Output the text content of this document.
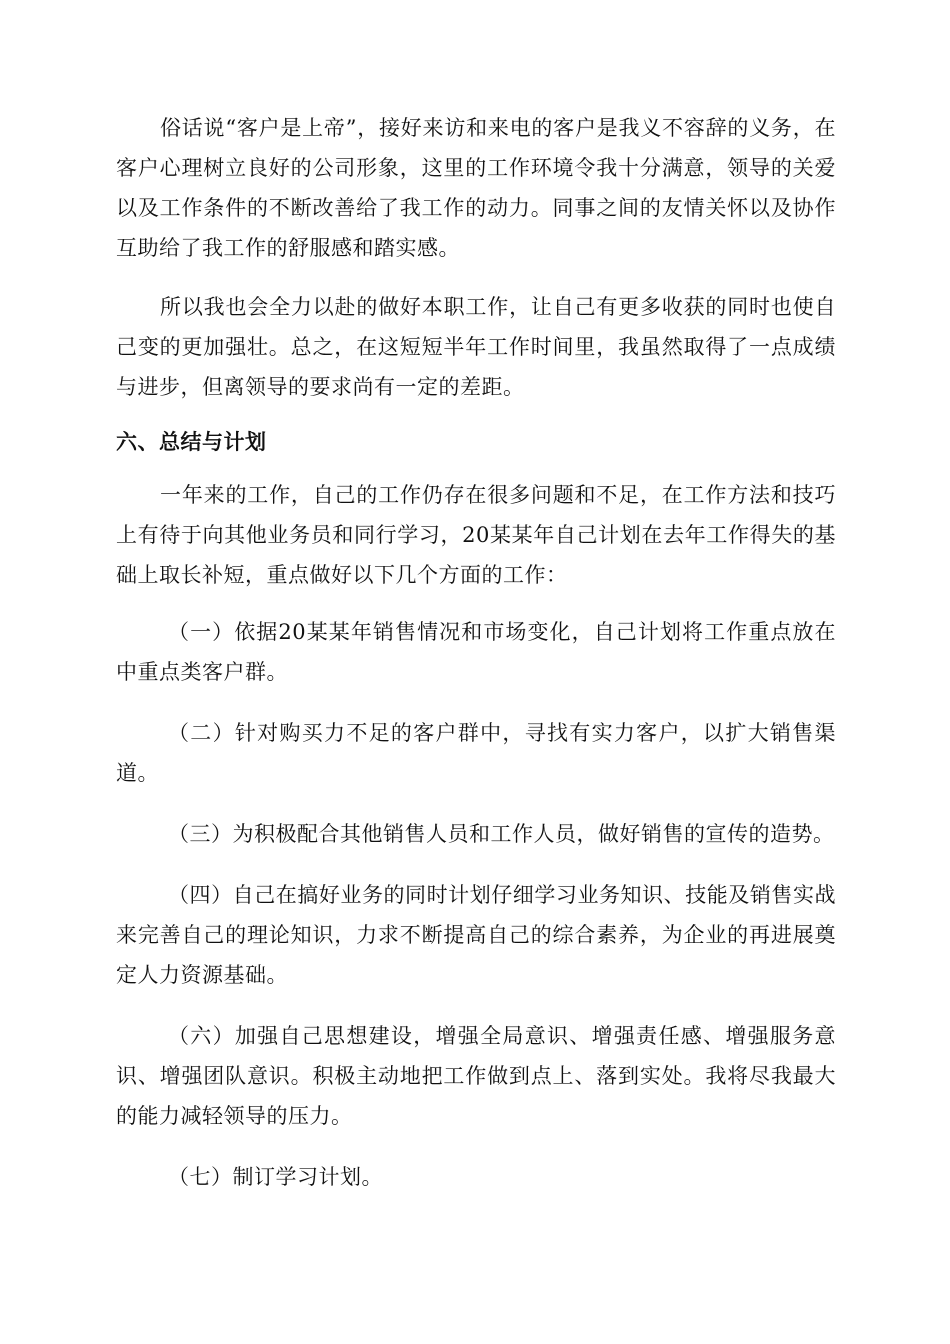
俗话说“客户是上帝”，接好来访和来电的客户是我义不容辞的义务，在客户心理树立良好的公司形象，这里的工作环境令我十分满意，领导的关爱以及工作条件的不断改善给了我工作的动力。同事之间的友情关怀以及协作互助给了我工作的舒服感和踏实感。

所以我也会全力以赴的做好本职工作，让自己有更多收获的同时也使自己变的更加强壮。总之，在这短短半年工作时间里，我虽然取得了一点成绩与进步，但离领导的要求尚有一定的差距。

六、总结与计划

一年来的工作，自己的工作仍存在很多问题和不足，在工作方法和技巧上有待于向其他业务员和同行学习，20某某年自己计划在去年工作得失的基础上取长补短，重点做好以下几个方面的工作：

（一）依据20某某年销售情况和市场变化，自己计划将工作重点放在中重点类客户群。

（二）针对购买力不足的客户群中，寻找有实力客户，以扩大销售渠道。

（三）为积极配合其他销售人员和工作人员，做好销售的宣传的造势。

（四）自己在搞好业务的同时计划仔细学习业务知识、技能及销售实战来完善自己的理论知识，力求不断提高自己的综合素养，为企业的再进展奠定人力资源基础。

（六）加强自己思想建设，增强全局意识、增强责任感、增强服务意识、增强团队意识。积极主动地把工作做到点上、落到实处。我将尽我最大的能力减轻领导的压力。

（七）制订学习计划。
